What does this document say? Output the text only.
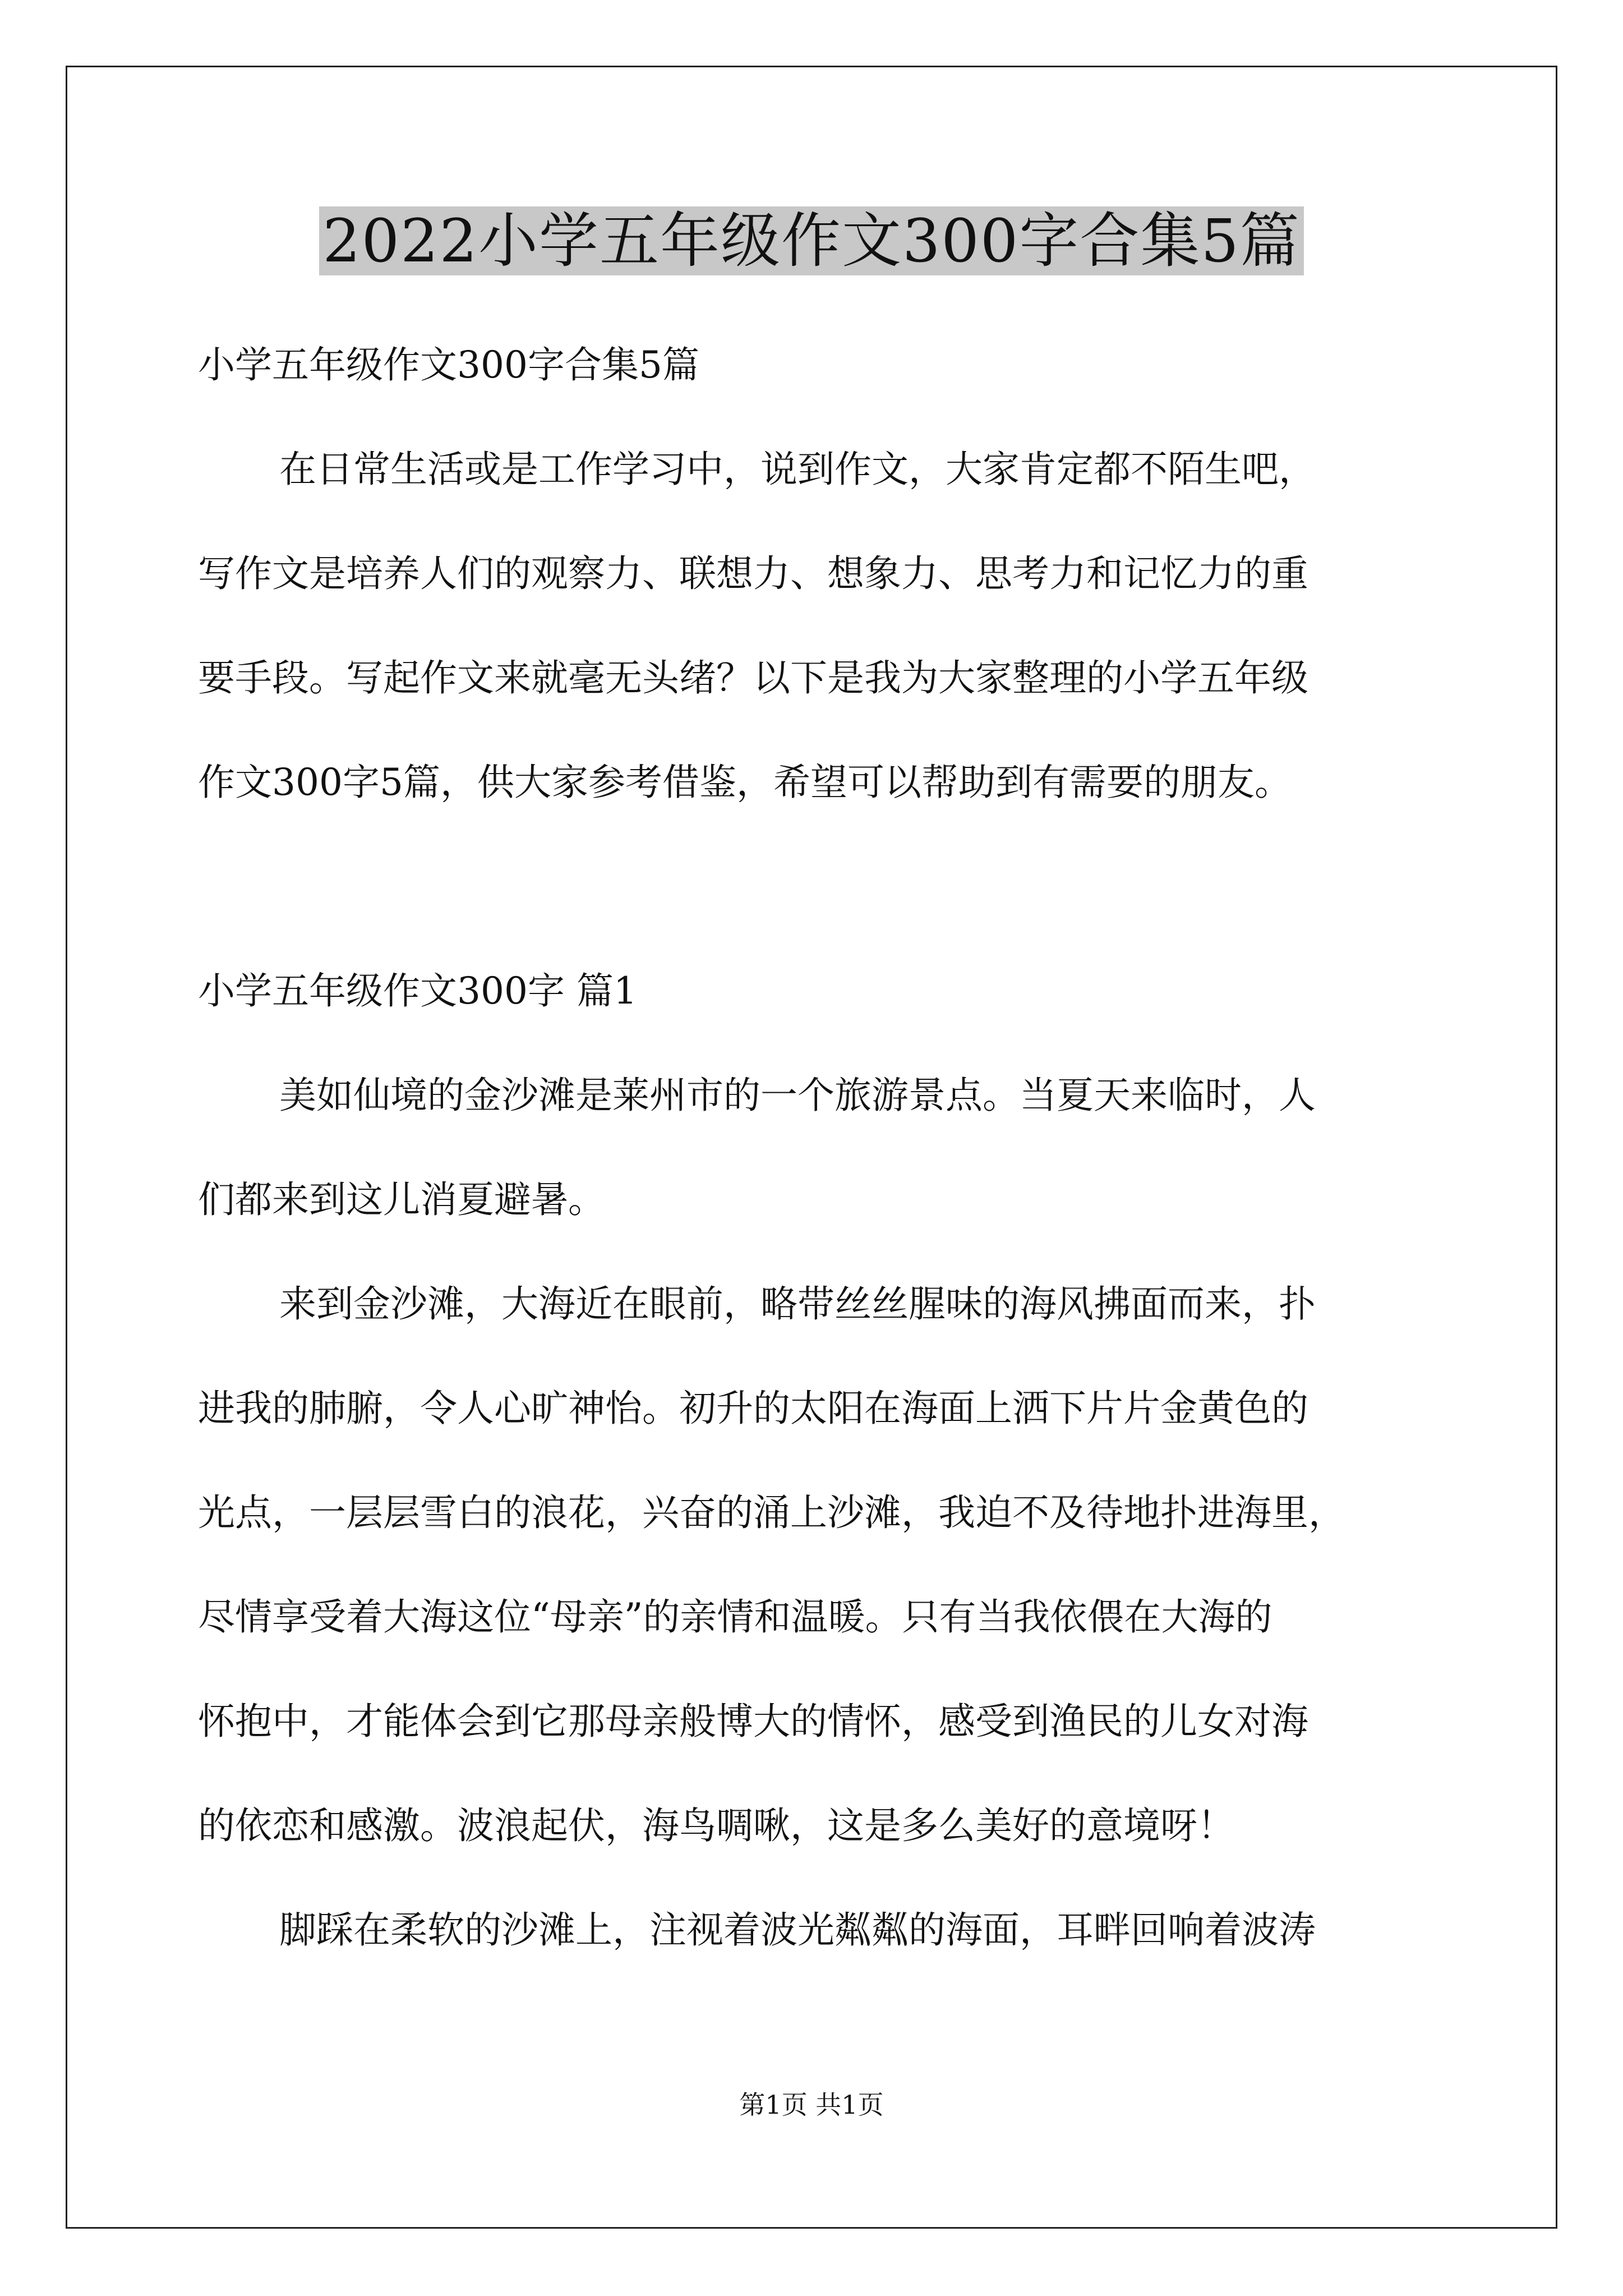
2022小学五年级作文300字合集5篇
小学五年级作文300字合集5篇
在日常生活或是工作学习中，说到作文，大家肯定都不陌生吧，
写作文是培养人们的观察力、联想力、想象力、思考力和记忆力的重
要手段。写起作文来就毫无头绪？以下是我为大家整理的小学五年级
作文300字5篇，供大家参考借鉴，希望可以帮助到有需要的朋友。
小学五年级作文300字 篇1
美如仙境的金沙滩是莱州市的一个旅游景点。当夏天来临时，人
们都来到这儿消夏避暑。
来到金沙滩，大海近在眼前，略带丝丝腥味的海风拂面而来，扑
进我的肺腑，令人心旷神怡。初升的太阳在海面上洒下片片金黄色的
光点，一层层雪白的浪花，兴奋的涌上沙滩，我迫不及待地扑进海里，
尽情享受着大海这位“母亲”的亲情和温暖。只有当我依偎在大海的
怀抱中，才能体会到它那母亲般博大的情怀，感受到渔民的儿女对海
的依恋和感激。波浪起伏，海鸟啁啾，这是多么美好的意境呀！
脚踩在柔软的沙滩上，注视着波光粼粼的海面，耳畔回响着波涛
第1页 共1页
